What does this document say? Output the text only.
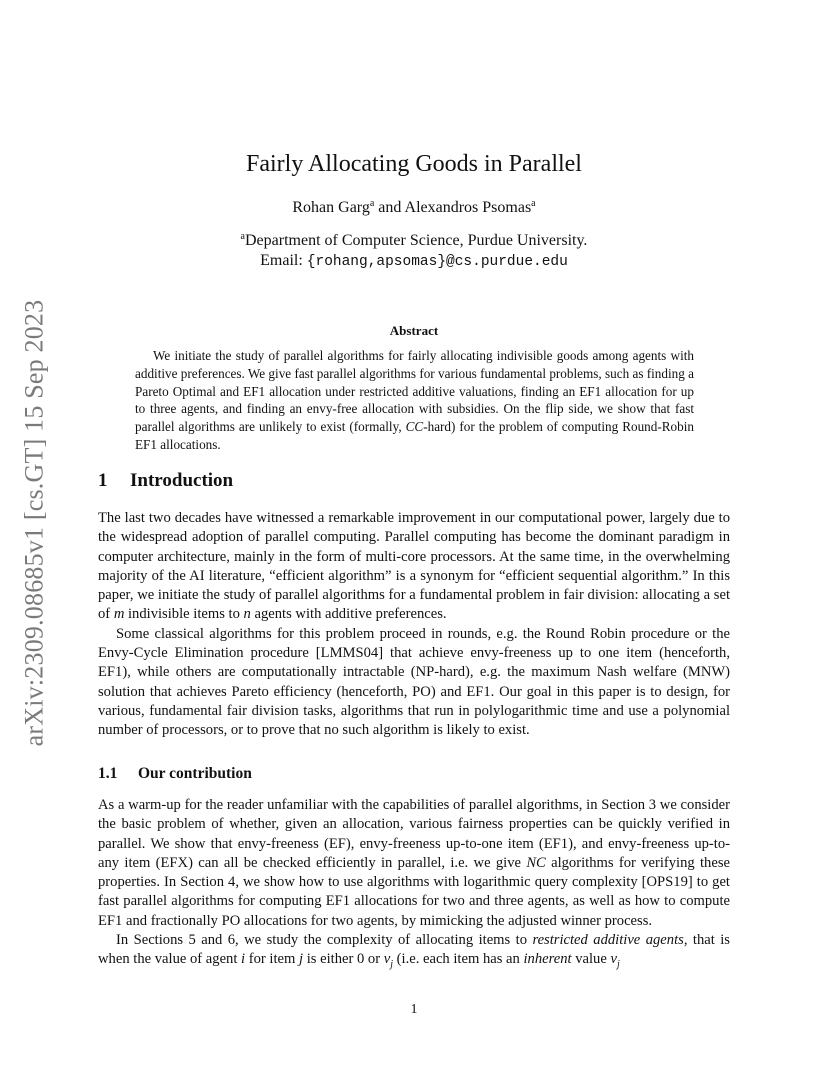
arXiv:2309.08685v1 [cs.GT] 15 Sep 2023
Fairly Allocating Goods in Parallel
Rohan Garg$^a$ and Alexandros Psomas$^a$
$^a$Department of Computer Science, Purdue University.
Email: {rohang,apsomas}@cs.purdue.edu
Abstract

We initiate the study of parallel algorithms for fairly allocating indivisible goods among agents with additive preferences. We give fast parallel algorithms for various fundamental problems, such as finding a Pareto Optimal and EF1 allocation under restricted additive valuations, finding an EF1 allocation for up to three agents, and finding an envy-free allocation with subsidies. On the flip side, we show that fast parallel algorithms are unlikely to exist (formally, CC-hard) for the problem of computing Round-Robin EF1 allocations.

1 Introduction

The last two decades have witnessed a remarkable improvement in our computational power, largely due to the widespread adoption of parallel computing. Parallel computing has become the dominant paradigm in computer architecture, mainly in the form of multi-core processors. At the same time, in the overwhelming majority of the AI literature, “efficient algorithm” is a synonym for “efficient sequential algorithm.” In this paper, we initiate the study of parallel algorithms for a fundamental problem in fair division: allocating a set of m indivisible items to n agents with additive preferences.

Some classical algorithms for this problem proceed in rounds, e.g. the Round Robin procedure or the Envy-Cycle Elimination procedure [LMMS04] that achieve envy-freeness up to one item (henceforth, EF1), while others are computationally intractable (NP-hard), e.g. the maximum Nash welfare (MNW) solution that achieves Pareto efficiency (henceforth, PO) and EF1. Our goal in this paper is to design, for various, fundamental fair division tasks, algorithms that run in polylogarithmic time and use a polynomial number of processors, or to prove that no such algorithm is likely to exist.

1.1 Our contribution

As a warm-up for the reader unfamiliar with the capabilities of parallel algorithms, in Section 3 we consider the basic problem of whether, given an allocation, various fairness properties can be quickly verified in parallel. We show that envy-freeness (EF), envy-freeness up-to-one item (EF1), and envy-freeness up-to-any item (EFX) can all be checked efficiently in parallel, i.e. we give NC algorithms for verifying these properties. In Section 4, we show how to use algorithms with logarithmic query complexity [OPS19] to get fast parallel algorithms for computing EF1 allocations for two and three agents, as well as how to compute EF1 and fractionally PO allocations for two agents, by mimicking the adjusted winner process.

In Sections 5 and 6, we study the complexity of allocating items to restricted additive agents, that is when the value of agent i for item j is either 0 or $v_j$ (i.e. each item has an inherent value $v_j$

1
